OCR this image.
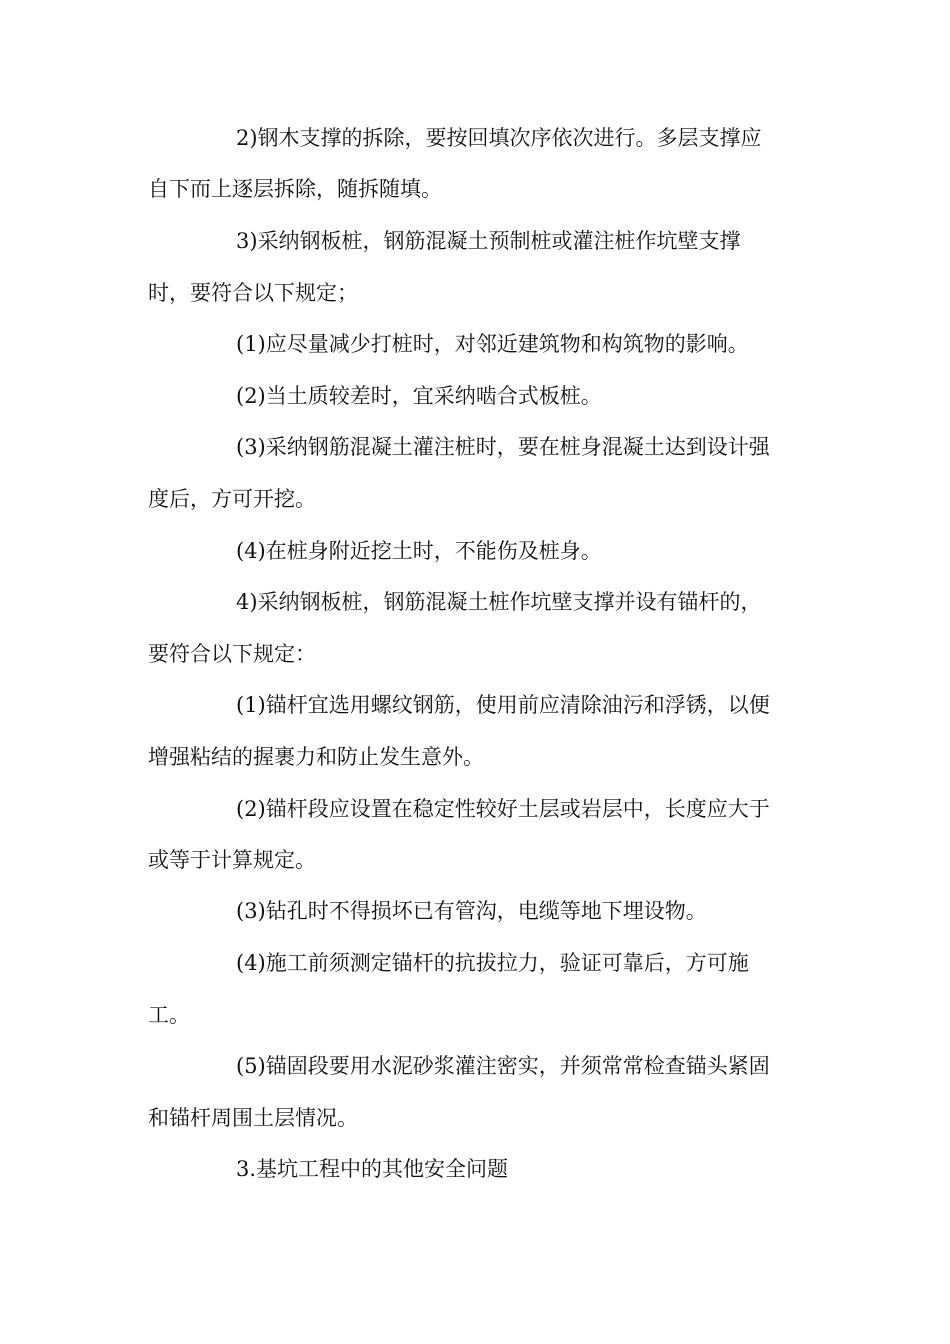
2)钢木支撑的拆除，要按回填次序依次进行。多层支撑应
自下而上逐层拆除，随拆随填。
3)采纳钢板桩，钢筋混凝土预制桩或灌注桩作坑壁支撑
时，要符合以下规定；
(1)应尽量减少打桩时，对邻近建筑物和构筑物的影响。
(2)当土质较差时，宜采纳啮合式板桩。
(3)采纳钢筋混凝土灌注桩时，要在桩身混凝土达到设计强
度后，方可开挖。
(4)在桩身附近挖土时，不能伤及桩身。
4)采纳钢板桩，钢筋混凝土桩作坑壁支撑并设有锚杆的，
要符合以下规定：
(1)锚杆宜选用螺纹钢筋，使用前应清除油污和浮锈，以便
增强粘结的握裹力和防止发生意外。
(2)锚杆段应设置在稳定性较好土层或岩层中，长度应大于
或等于计算规定。
(3)钻孔时不得损坏已有管沟，电缆等地下埋设物。
(4)施工前须测定锚杆的抗拔拉力，验证可靠后，方可施
工。
(5)锚固段要用水泥砂浆灌注密实，并须常常检查锚头紧固
和锚杆周围土层情况。
3.基坑工程中的其他安全问题
